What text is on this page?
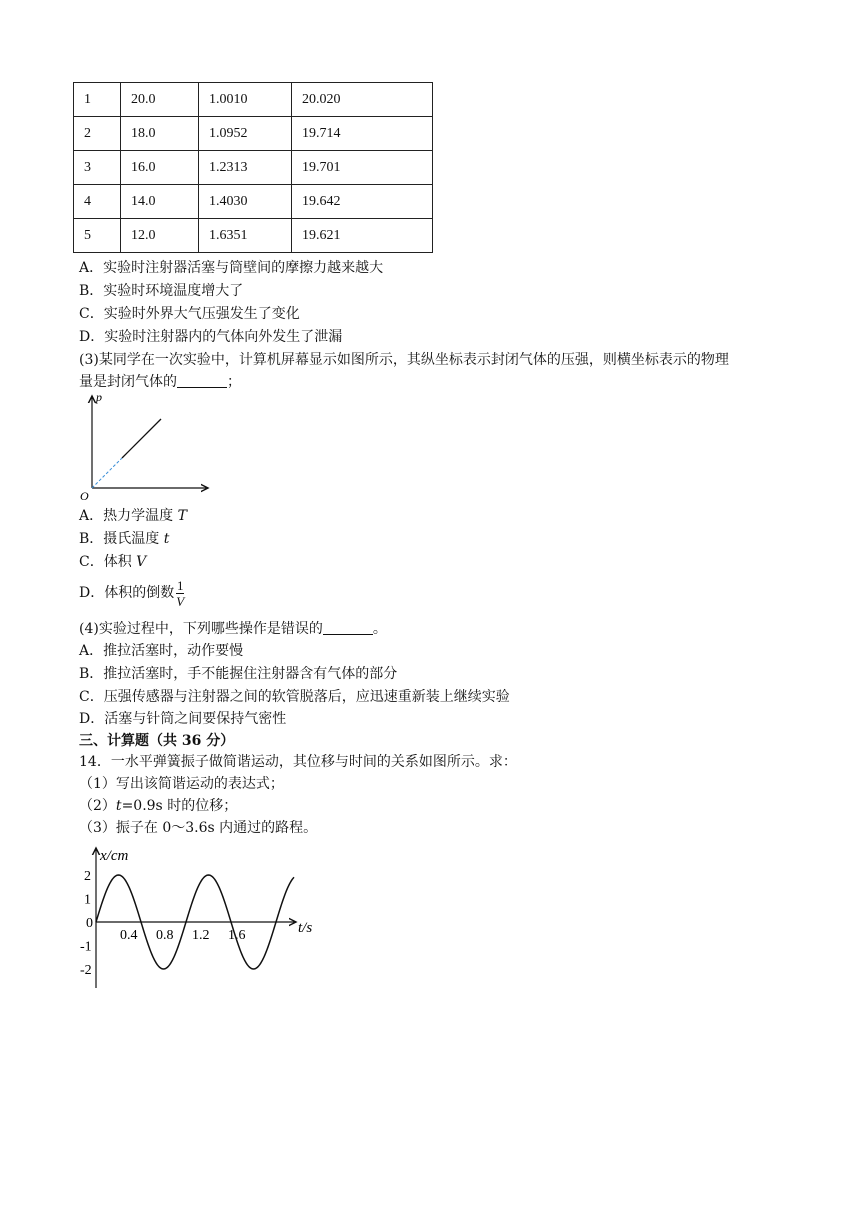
1	20.0	1.0010	20.020
2	18.0	1.0952	19.714
3	16.0	1.2313	19.701
4	14.0	1.4030	19.642
5	12.0	1.6351	19.621
A．实验时注射器活塞与筒壁间的摩擦力越来越大
B．实验时环境温度增大了
C．实验时外界大气压强发生了变化
D．实验时注射器内的气体向外发生了泄漏
(3)某同学在一次实验中，计算机屏幕显示如图所示，其纵坐标表示封闭气体的压强，则横坐标表示的物理
量是封闭气体的	；
p
O
A．热力学温度 T
B．摄氏温度 t
C．体积 V
D．体积的倒数 $\frac{1}{V}$
(4)实验过程中，下列哪些操作是错误的	。
A．推拉活塞时，动作要慢
B．推拉活塞时，手不能握住注射器含有气体的部分
C．压强传感器与注射器之间的软管脱落后，应迅速重新装上继续实验
D．活塞与针筒之间要保持气密性
三、计算题（共 36 分）
14．一水平弹簧振子做简谐运动，其位移与时间的关系如图所示。求：
（1）写出该简谐运动的表达式；
（2）t=0.9s 时的位移；
（3）振子在 0～3.6s 内通过的路程。
x/cm
t/s
2
1
0
-1
-2
0.4 0.8 1.2 1.6
